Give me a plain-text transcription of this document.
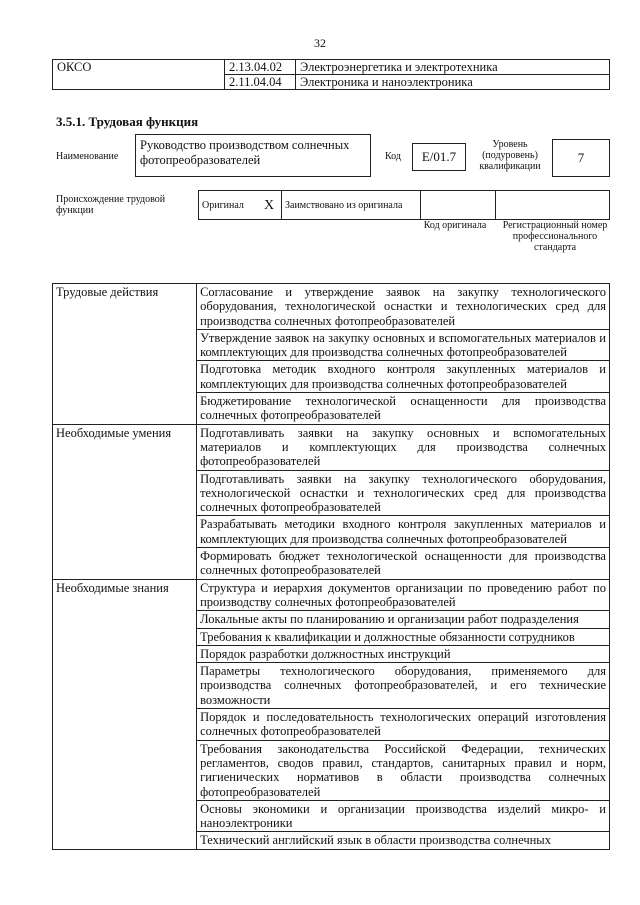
32
ОКСО	2.13.04.02	Электроэнергетика и электротехника
	2.11.04.04	Электроника и наноэлектроника
3.5.1. Трудовая функция
Наименование
Руководство производством солнечных фотопреобразователей	Код	E/01.7
Уровень (подуровень) квалификации
7
Происхождение трудовой функции	Оригинал	X	Заимствовано из оригинала		
Код оригинала	Регистрационный номер профессионального стандарта
Трудовые действия	Согласование и утверждение заявок на закупку технологического оборудования, технологической оснастки и технологических сред для производства солнечных фотопреобразователей
	Утверждение заявок на закупку основных и вспомогательных материалов и комплектующих для производства солнечных фотопреобразователей
	Подготовка методик входного контроля закупленных материалов и комплектующих для производства солнечных фотопреобразователей
	Бюджетирование технологической оснащенности для производства солнечных фотопреобразователей
Необходимые умения	Подготавливать заявки на закупку основных и вспомогательных материалов и комплектующих для производства солнечных фотопреобразователей
	Подготавливать заявки на закупку технологического оборудования, технологической оснастки и технологических сред для производства солнечных фотопреобразователей
	Разрабатывать методики входного контроля закупленных материалов и комплектующих для производства солнечных фотопреобразователей
	Формировать бюджет технологической оснащенности для производства солнечных фотопреобразователей
Необходимые знания	Структура и иерархия документов организации по проведению работ по производству солнечных фотопреобразователей
	Локальные акты по планированию и организации работ подразделения
	Требования к квалификации и должностные обязанности сотрудников
	Порядок разработки должностных инструкций
	Параметры технологического оборудования, применяемого для производства солнечных фотопреобразователей, и его технические возможности
	Порядок и последовательность технологических операций изготовления солнечных фотопреобразователей
	Требования законодательства Российской Федерации, технических регламентов, сводов правил, стандартов, санитарных правил и норм, гигиенических нормативов в области производства солнечных фотопреобразователей
	Основы экономики и организации производства изделий микро- и наноэлектроники
	Технический английский язык в области производства солнечных
